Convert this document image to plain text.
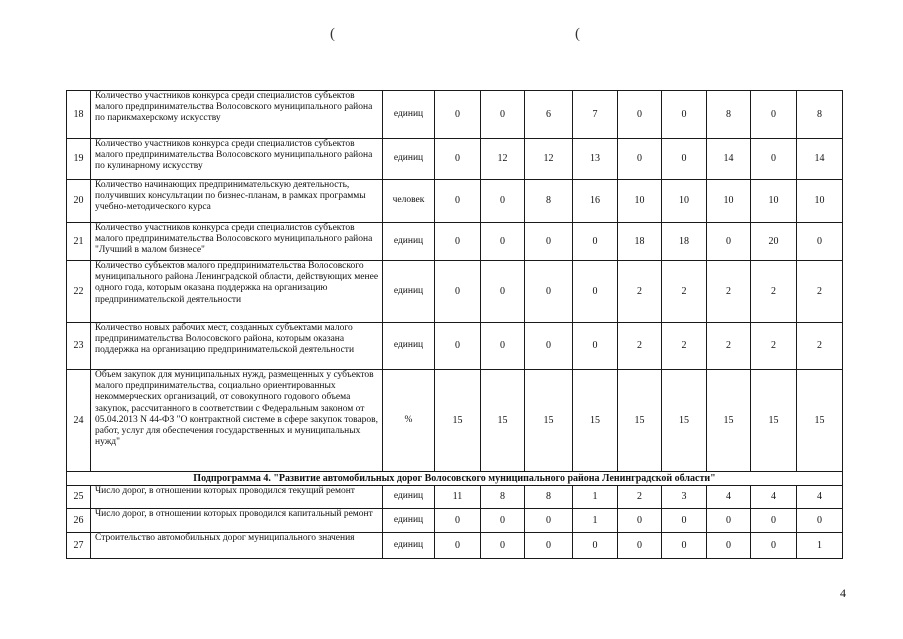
(	(
18	Количество участников конкурса среди специалистов субъектов малого предпринимательства Волосовского муниципального района по парикмахерскому искусству	единиц	0	0	6	7	0	0	8	0	8
19	Количество участников конкурса среди специалистов субъектов малого предпринимательства Волосовского муниципального района по кулинарному искусству	единиц	0	12	12	13	0	0	14	0	14
20	Количество начинающих предпринимательскую деятельность, получивших консультации по бизнес-планам, в рамках программы учебно-методического курса	человек	0	0	8	16	10	10	10	10	10
21	Количество участников конкурса среди специалистов субъектов малого предпринимательства Волосовского муниципального района "Лучший в малом бизнесе"	единиц	0	0	0	0	18	18	0	20	0
22	Количество субъектов малого предпринимательства Волосовского муниципального района Ленинградской области, действующих менее одного года, которым оказана поддержка на организацию предпринимательской деятельности	единиц	0	0	0	0	2	2	2	2	2
23	Количество новых рабочих мест, созданных субъектами малого предпринимательства Волосовского района, которым оказана поддержка на организацию предпринимательской деятельности	единиц	0	0	0	0	2	2	2	2	2
24	Объем закупок для муниципальных нужд, размещенных у субъектов малого предпринимательства, социально ориентированных некоммерческих организаций, от совокупного годового объема закупок, рассчитанного в соответствии с Федеральным законом от 05.04.2013 N 44-ФЗ "О контрактной системе в сфере закупок товаров, работ, услуг для обеспечения государственных и муниципальных нужд"	%	15	15	15	15	15	15	15	15	15
Подпрограмма 4. "Развитие автомобильных дорог Волосовского муниципального района Ленинградской области"											
25	Число дорог, в отношении которых проводился текущий ремонт	единиц	11	8	8	1	2	3	4	4	4
26	Число дорог, в отношении которых проводился капитальный ремонт	единиц	0	0	0	1	0	0	0	0	0
27	Строительство автомобильных дорог муниципального значения	единиц	0	0	0	0	0	0	0	0	1
4
